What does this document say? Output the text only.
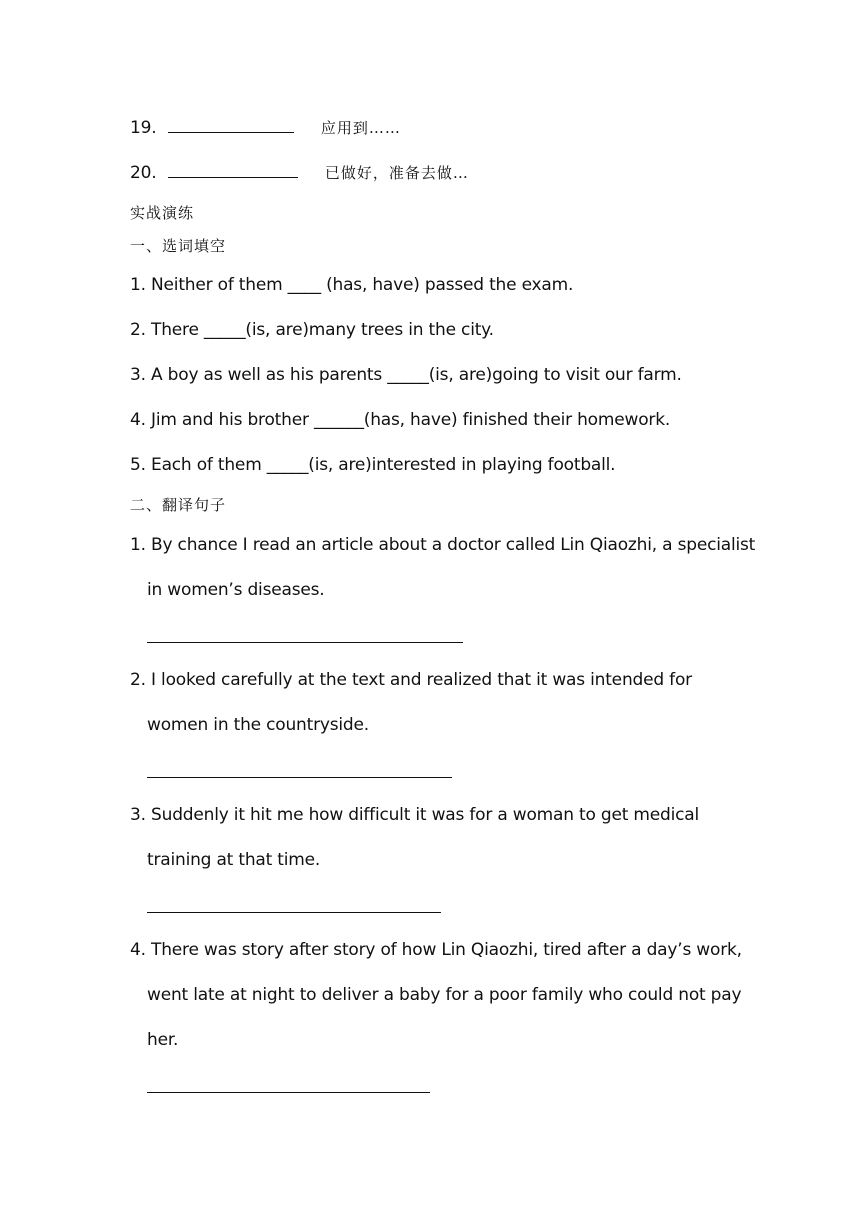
19.	应用到……
20.	已做好，准备去做…
实战演练
一、选词填空
1. Neither of them ____ (has, have) passed the exam.
2. There _____(is, are)many trees in the city.
3. A boy as well as his parents _____(is, are)going to visit our farm.
4. Jim and his brother ______(has, have) finished their homework.
5. Each of them _____(is, are)interested in playing football.
二、翻译句子
1. By chance I read an article about a doctor called Lin Qiaozhi, a specialist
in women’s diseases.
2. I looked carefully at the text and realized that it was intended for
women in the countryside.
3. Suddenly it hit me how difficult it was for a woman to get medical
training at that time.
4. There was story after story of how Lin Qiaozhi, tired after a day’s work,
went late at night to deliver a baby for a poor family who could not pay
her.
